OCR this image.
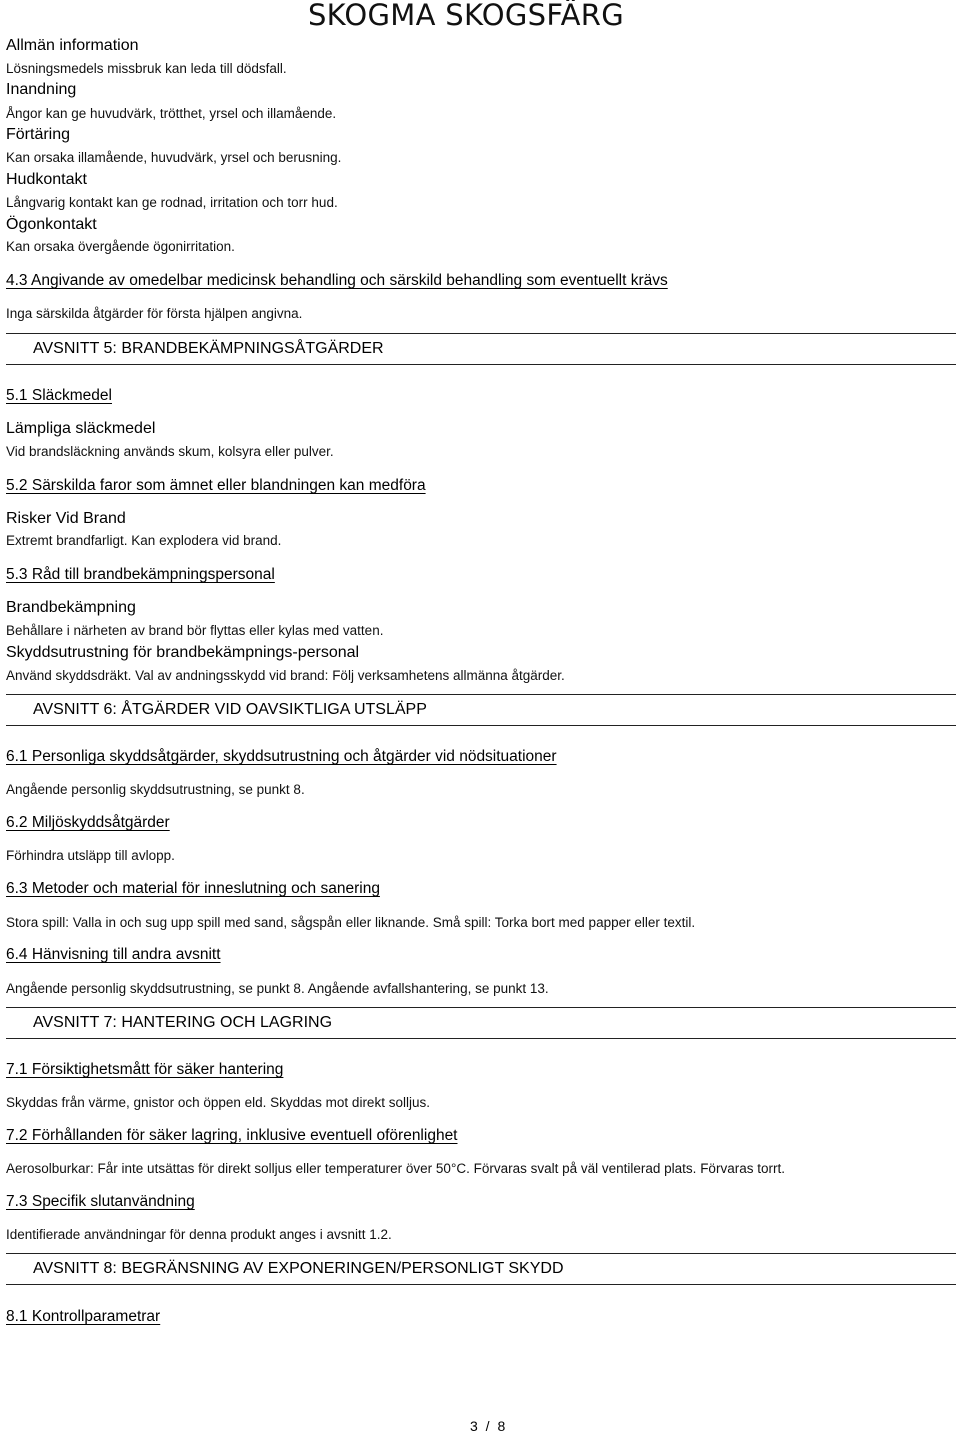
SKOGMA SKOGSFÄRG
Allmän information
Lösningsmedels missbruk kan leda till dödsfall.
Inandning
Ångor kan ge huvudvärk, trötthet, yrsel och illamående.
Förtäring
Kan orsaka illamående, huvudvärk, yrsel och berusning.
Hudkontakt
Långvarig kontakt kan ge rodnad, irritation och torr hud.
Ögonkontakt
Kan orsaka övergående ögonirritation.
4.3 Angivande av omedelbar medicinsk behandling och särskild behandling som eventuellt krävs
Inga särskilda åtgärder för första hjälpen angivna.
AVSNITT 5: BRANDBEKÄMPNINGSÅTGÄRDER
5.1 Släckmedel
Lämpliga släckmedel
Vid brandsläckning används skum, kolsyra eller pulver.
5.2 Särskilda faror som ämnet eller blandningen kan medföra
Risker Vid Brand
Extremt brandfarligt. Kan explodera vid brand.
5.3 Råd till brandbekämpningspersonal
Brandbekämpning
Behållare i närheten av brand bör flyttas eller kylas med vatten.
Skyddsutrustning för brandbekämpnings-personal
Använd skyddsdräkt. Val av andningsskydd vid brand: Följ verksamhetens allmänna åtgärder.
AVSNITT 6: ÅTGÄRDER VID OAVSIKTLIGA UTSLÄPP
6.1 Personliga skyddsåtgärder, skyddsutrustning och åtgärder vid nödsituationer
Angående personlig skyddsutrustning, se punkt 8.
6.2 Miljöskyddsåtgärder
Förhindra utsläpp till avlopp.
6.3 Metoder och material för inneslutning och sanering
Stora spill: Valla in och sug upp spill med sand, sågspån eller liknande. Små spill: Torka bort med papper eller textil.
6.4 Hänvisning till andra avsnitt
Angående personlig skyddsutrustning, se punkt 8. Angående avfallshantering, se punkt 13.
AVSNITT 7: HANTERING OCH LAGRING
7.1 Försiktighetsmått för säker hantering
Skyddas från värme, gnistor och öppen eld. Skyddas mot direkt solljus.
7.2 Förhållanden för säker lagring, inklusive eventuell oförenlighet
Aerosolburkar: Får inte utsättas för direkt solljus eller temperaturer över 50°C. Förvaras svalt på väl ventilerad plats. Förvaras torrt.
7.3 Specifik slutanvändning
Identifierade användningar för denna produkt anges i avsnitt 1.2.
AVSNITT 8: BEGRÄNSNING AV EXPONERINGEN/PERSONLIGT SKYDD
8.1 Kontrollparametrar
3 / 8
